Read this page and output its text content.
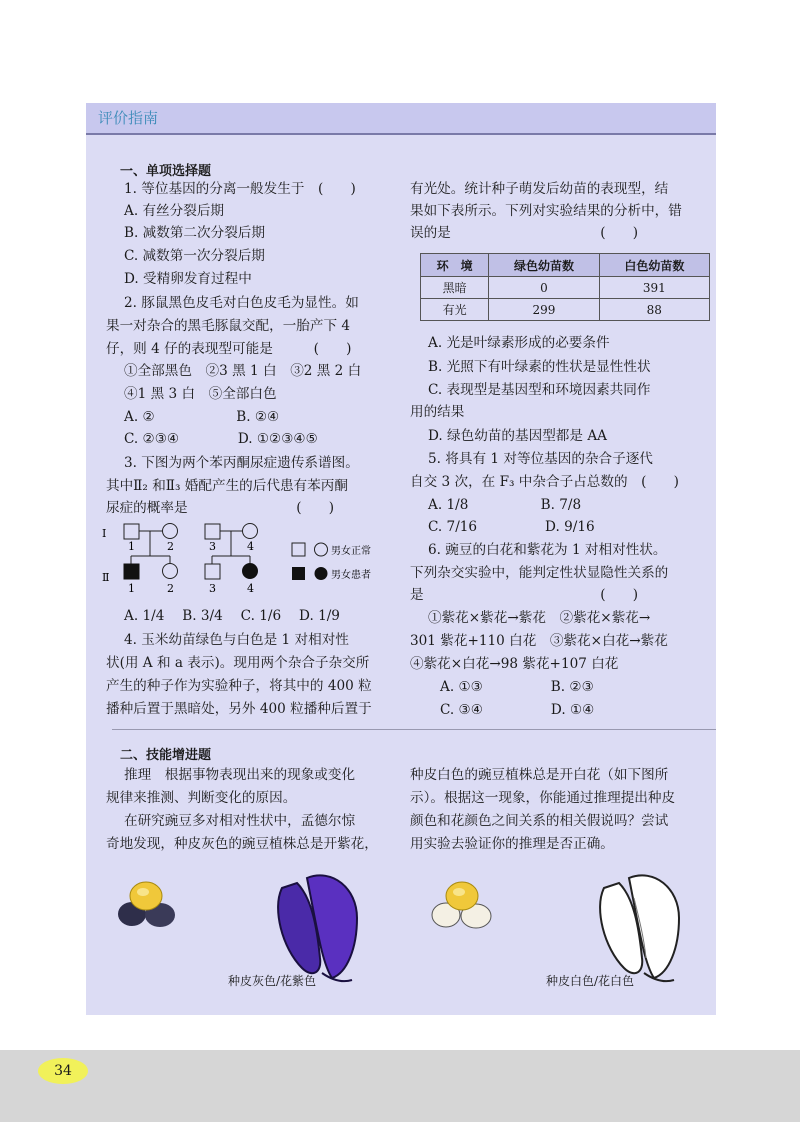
评价指南
一、单项选择题
1. 等位基因的分离一般发生于　(　　)
A. 有丝分裂后期
B. 减数第二次分裂后期
C. 减数第一次分裂后期
D. 受精卵发育过程中
2. 豚鼠黑色皮毛对白色皮毛为显性。如
果一对杂合的黑毛豚鼠交配，一胎产下 4
仔，则 4 仔的表现型可能是　　　(　　)
①全部黑色　②3 黑 1 白　③2 黑 2 白
④1 黑 3 白　⑤全部白色
A. ②　　　　　　B. ②④
C. ②③④　　　　 D. ①②③④⑤
3. 下图为两个苯丙酮尿症遗传系谱图。
其中Ⅱ₂ 和Ⅱ₃ 婚配产生的后代患有苯丙酮
尿症的概率是　　　　　　　　(　　)
Ⅰ
Ⅱ
1	2
1	2
3	4
3	4
男女正常
男女患者
A. 1/4　 B. 3/4　 C. 1/6　 D. 1/9
4. 玉米幼苗绿色与白色是 1 对相对性
状(用 A 和 a 表示)。现用两个杂合子杂交所
产生的种子作为实验种子，将其中的 400 粒
播种后置于黑暗处，另外 400 粒播种后置于
有光处。统计种子萌发后幼苗的表现型，结
果如下表所示。下列对实验结果的分析中，错
误的是　　　　　　　　　　　(　　)
环　境	绿色幼苗数	白色幼苗数
黑暗	0	391
有光	299	88
A. 光是叶绿素形成的必要条件
B. 光照下有叶绿素的性状是显性性状
C. 表现型是基因型和环境因素共同作
用的结果
D. 绿色幼苗的基因型都是 AA
5. 将具有 1 对等位基因的杂合子逐代
自交 3 次，在 F₃ 中杂合子占总数的　(　　)
A. 1/8　　　　　 B. 7/8
C. 7/16　　　　　D. 9/16
6. 豌豆的白花和紫花为 1 对相对性状。
下列杂交实验中，能判定性状显隐性关系的
是　　　　　　　　　　　　　(　　)
①紫花×紫花→紫花　②紫花×紫花→
301 紫花+110 白花　③紫花×白花→紫花
④紫花×白花→98 紫花+107 白花
A. ①③　　　　　B. ②③
C. ③④　　　　　D. ①④
二、技能增进题
推理　根据事物表现出来的现象或变化
规律来推测、判断变化的原因。
在研究豌豆多对相对性状中，孟德尔惊
奇地发现，种皮灰色的豌豆植株总是开紫花，
种皮白色的豌豆植株总是开白花（如下图所
示）。根据这一现象，你能通过推理提出种皮
颜色和花颜色之间关系的相关假说吗？尝试
用实验去验证你的推理是否正确。
种皮灰色/花紫色	种皮白色/花白色
34
